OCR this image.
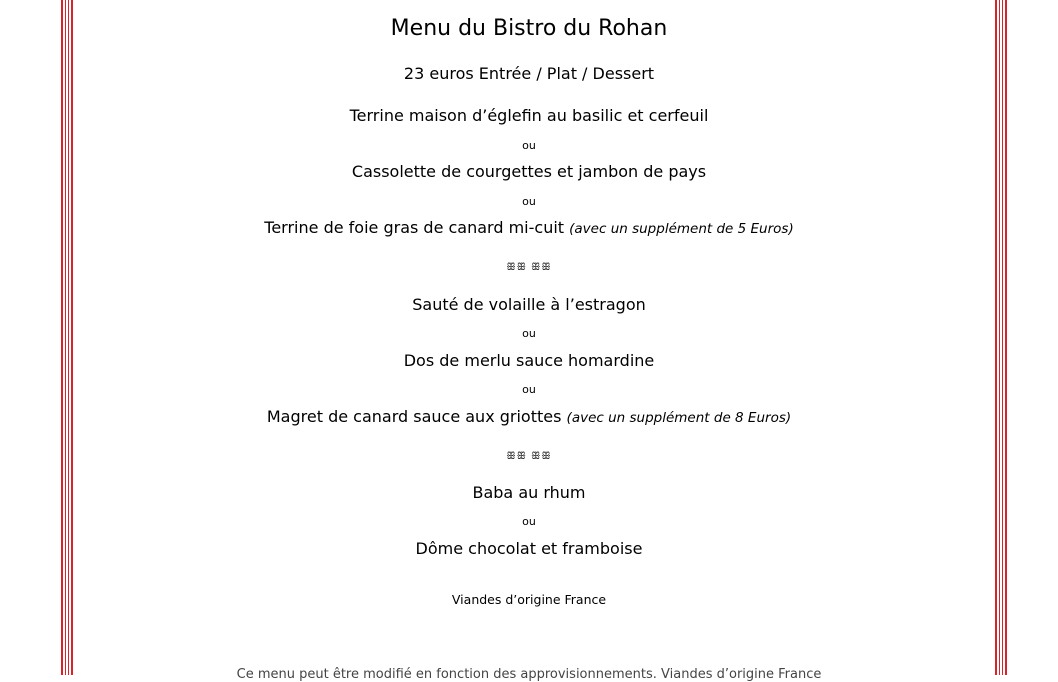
Menu du Bistro du Rohan
23 euros Entrée / Plat / Dessert
Terrine maison d’églefin au basilic et cerfeuil
ou
Cassolette de courgettes et jambon de pays
ou
Terrine de foie gras de canard mi-cuit (avec un supplément de 5 Euros)
ꕥꕥ ꕥꕥ
Sauté de volaille à l’estragon
ou
Dos de merlu sauce homardine
ou
Magret de canard sauce aux griottes (avec un supplément de 8 Euros)
ꕥꕥ ꕥꕥ
Baba au rhum
ou
Dôme chocolat et framboise
Viandes d’origine France
Ce menu peut être modifié en fonction des approvisionnements. Viandes d’origine France
